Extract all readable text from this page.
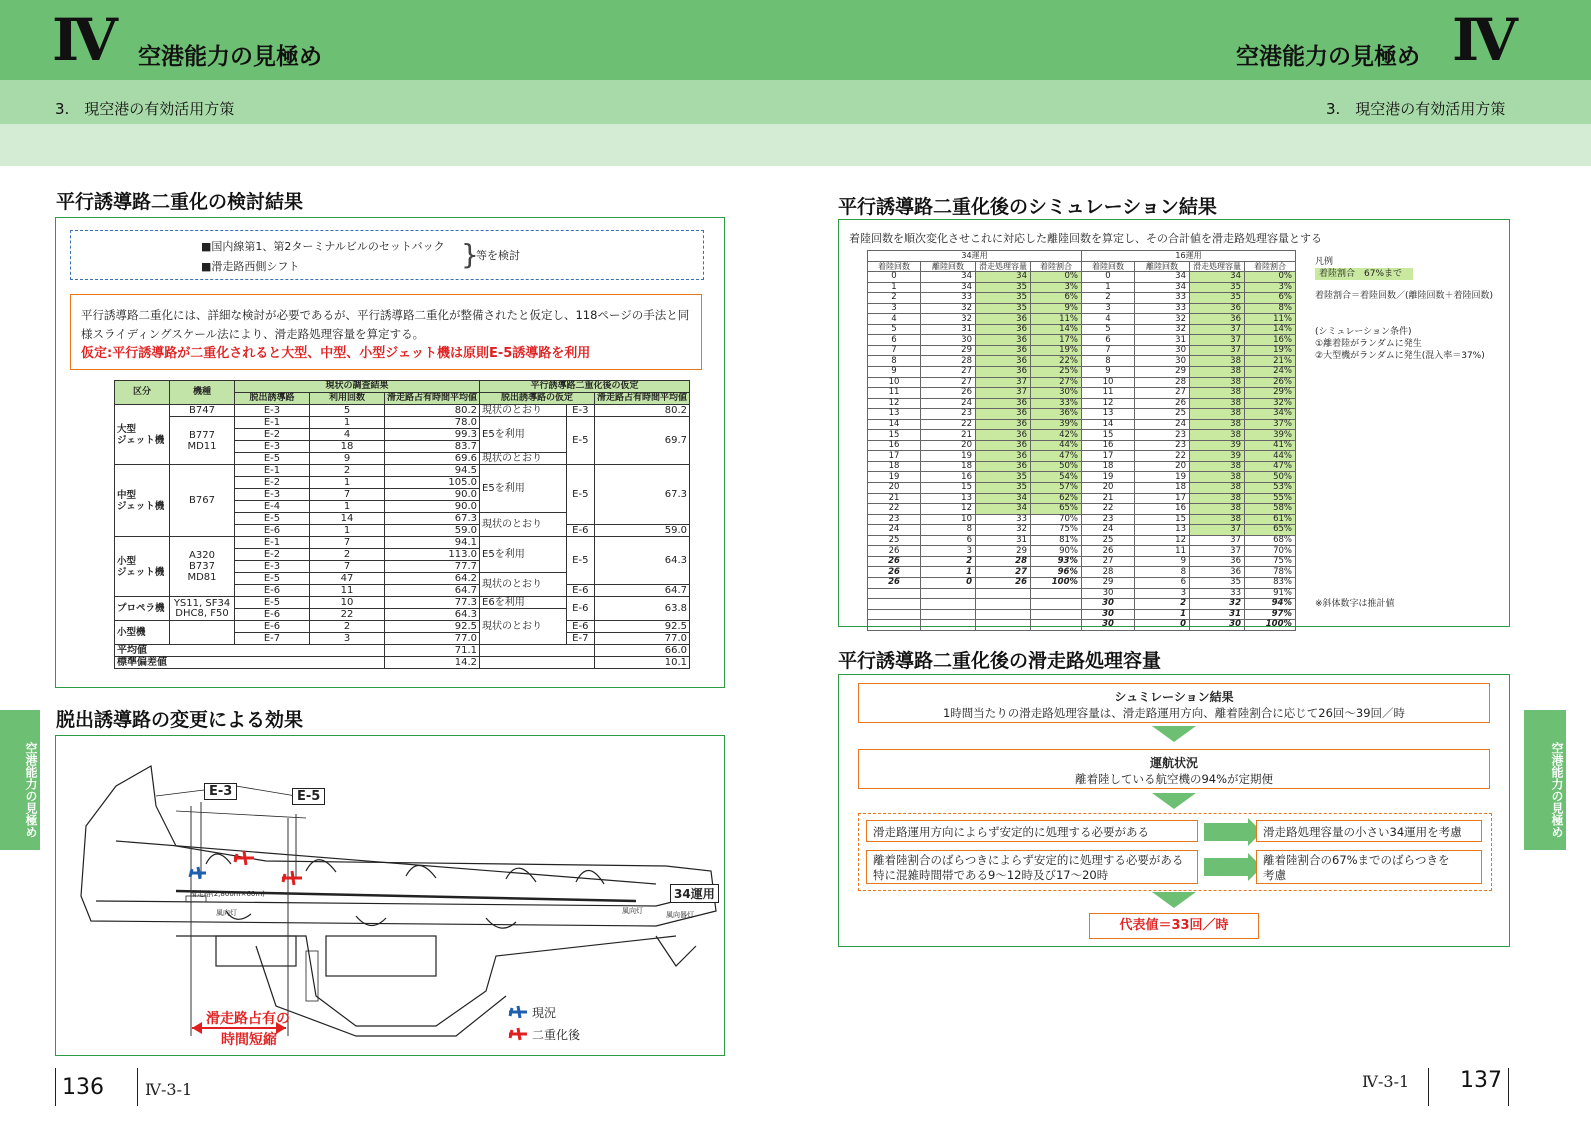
Ⅳ 空港能力の見極め
3.　現空港の有効活用方策
Ⅳ
空港能力の見極め
3.　現空港の有効活用方策
空港能力の見極め	空港能力の見極め
平行誘導路二重化の検討結果
■国内線第1、第2ターミナルビルのセットバック
■滑走路西側シフト	}
等を検討
平行誘導路二重化には、詳細な検討が必要であるが、平行誘導路二重化が整備されたと仮定し、118ページの手法と同
様スライディングスケール法により、滑走路処理容量を算定する。
仮定:平行誘導路が二重化されると大型、中型、小型ジェット機は原則E-5誘導路を利用
区分	機種	現状の調査結果			平行誘導路二重化後の仮定		
		脱出誘導路	利用回数	滑走路占有時間平均値	脱出誘導路の仮定		滑走路占有時間平均値
大型
ジェット機	B747	E-3	5	80.2	現状のとおり	E-3	80.2
	B777
MD11	E-1	1	78.0	E5を利用	E-5	69.7
		E-2	4	99.3			
		E-3	18	83.7			
		E-5	9	69.6	現状のとおり		
中型
ジェット機	B767	E-1	2	94.5	E5を利用	E-5	67.3
		E-2	1	105.0			
		E-3	7	90.0			
		E-4	1	90.0			
		E-5	14	67.3	現状のとおり		
		E-6	1	59.0		E-6	59.0
小型
ジェット機	A320
B737
MD81	E-1	7	94.1	E5を利用	E-5	64.3
		E-2	2	113.0			
		E-3	7	77.7			
		E-5	47	64.2	現状のとおり		
		E-6	11	64.7		E-6	64.7
プロペラ機	YS11, SF34
DHC8, F50	E-5	10	77.3	E6を利用	E-6	63.8
		E-6	22	64.3	現状のとおり		
小型機		E-6	2	92.5		E-6	92.5
		E-7	3	77.0		E-7	77.0
平均値				71.1			66.0
標準偏差値				14.2			10.1
脱出誘導路の変更による効果
E-3	E-5
滑走路(2,800m×60m)
風向灯	風向灯	風向器灯
34運用
滑走路占有の
時間短縮
現況
二重化後
136	Ⅳ-3-1
平行誘導路二重化後のシミュレーション結果
着陸回数を順次変化させこれに対応した離陸回数を算定し、その合計値を滑走路処理容量とする
34運用				16運用			
着陸回数	離陸回数	滑走処理容量	着陸割合	着陸回数	離陸回数	滑走処理容量	着陸割合
0	34	34	0%	0	34	34	0%
1	34	35	3%	1	34	35	3%
2	33	35	6%	2	33	35	6%
3	32	35	9%	3	33	36	8%
4	32	36	11%	4	32	36	11%
5	31	36	14%	5	32	37	14%
6	30	36	17%	6	31	37	16%
7	29	36	19%	7	30	37	19%
8	28	36	22%	8	30	38	21%
9	27	36	25%	9	29	38	24%
10	27	37	27%	10	28	38	26%
11	26	37	30%	11	27	38	29%
12	24	36	33%	12	26	38	32%
13	23	36	36%	13	25	38	34%
14	22	36	39%	14	24	38	37%
15	21	36	42%	15	23	38	39%
16	20	36	44%	16	23	39	41%
17	19	36	47%	17	22	39	44%
18	18	36	50%	18	20	38	47%
19	16	35	54%	19	19	38	50%
20	15	35	57%	20	18	38	53%
21	13	34	62%	21	17	38	55%
22	12	34	65%	22	16	38	58%
23	10	33	70%	23	15	38	61%
24	8	32	75%	24	13	37	65%
25	6	31	81%	25	12	37	68%
26	3	29	90%	26	11	37	70%
26	2	28	93%	27	9	36	75%
26	1	27	96%	28	8	36	78%
26	0	26	100%	29	6	35	83%
				30	3	33	91%
				30	2	32	94%
				30	1	31	97%
				30	0	30	100%
凡例
着陸割合　67%まで
着陸割合＝着陸回数／(離陸回数＋着陸回数)
(シミュレーション条件)
①離着陸がランダムに発生
②大型機がランダムに発生(混入率＝37%)
※斜体数字は推計値
平行誘導路二重化後の滑走路処理容量
シュミレーション結果
1時間当たりの滑走路処理容量は、滑走路運用方向、離着陸割合に応じて26回〜39回／時
運航状況
離着陸している航空機の94%が定期便
滑走路運用方向によらず安定的に処理する必要がある	滑走路処理容量の小さい34運用を考慮
離着陸割合のばらつきによらず安定的に処理する必要がある
特に混雑時間帯である9〜12時及び17〜20時
離着陸割合の67%までのばらつきを
考慮
代表値＝33回／時
Ⅳ-3-1 137
